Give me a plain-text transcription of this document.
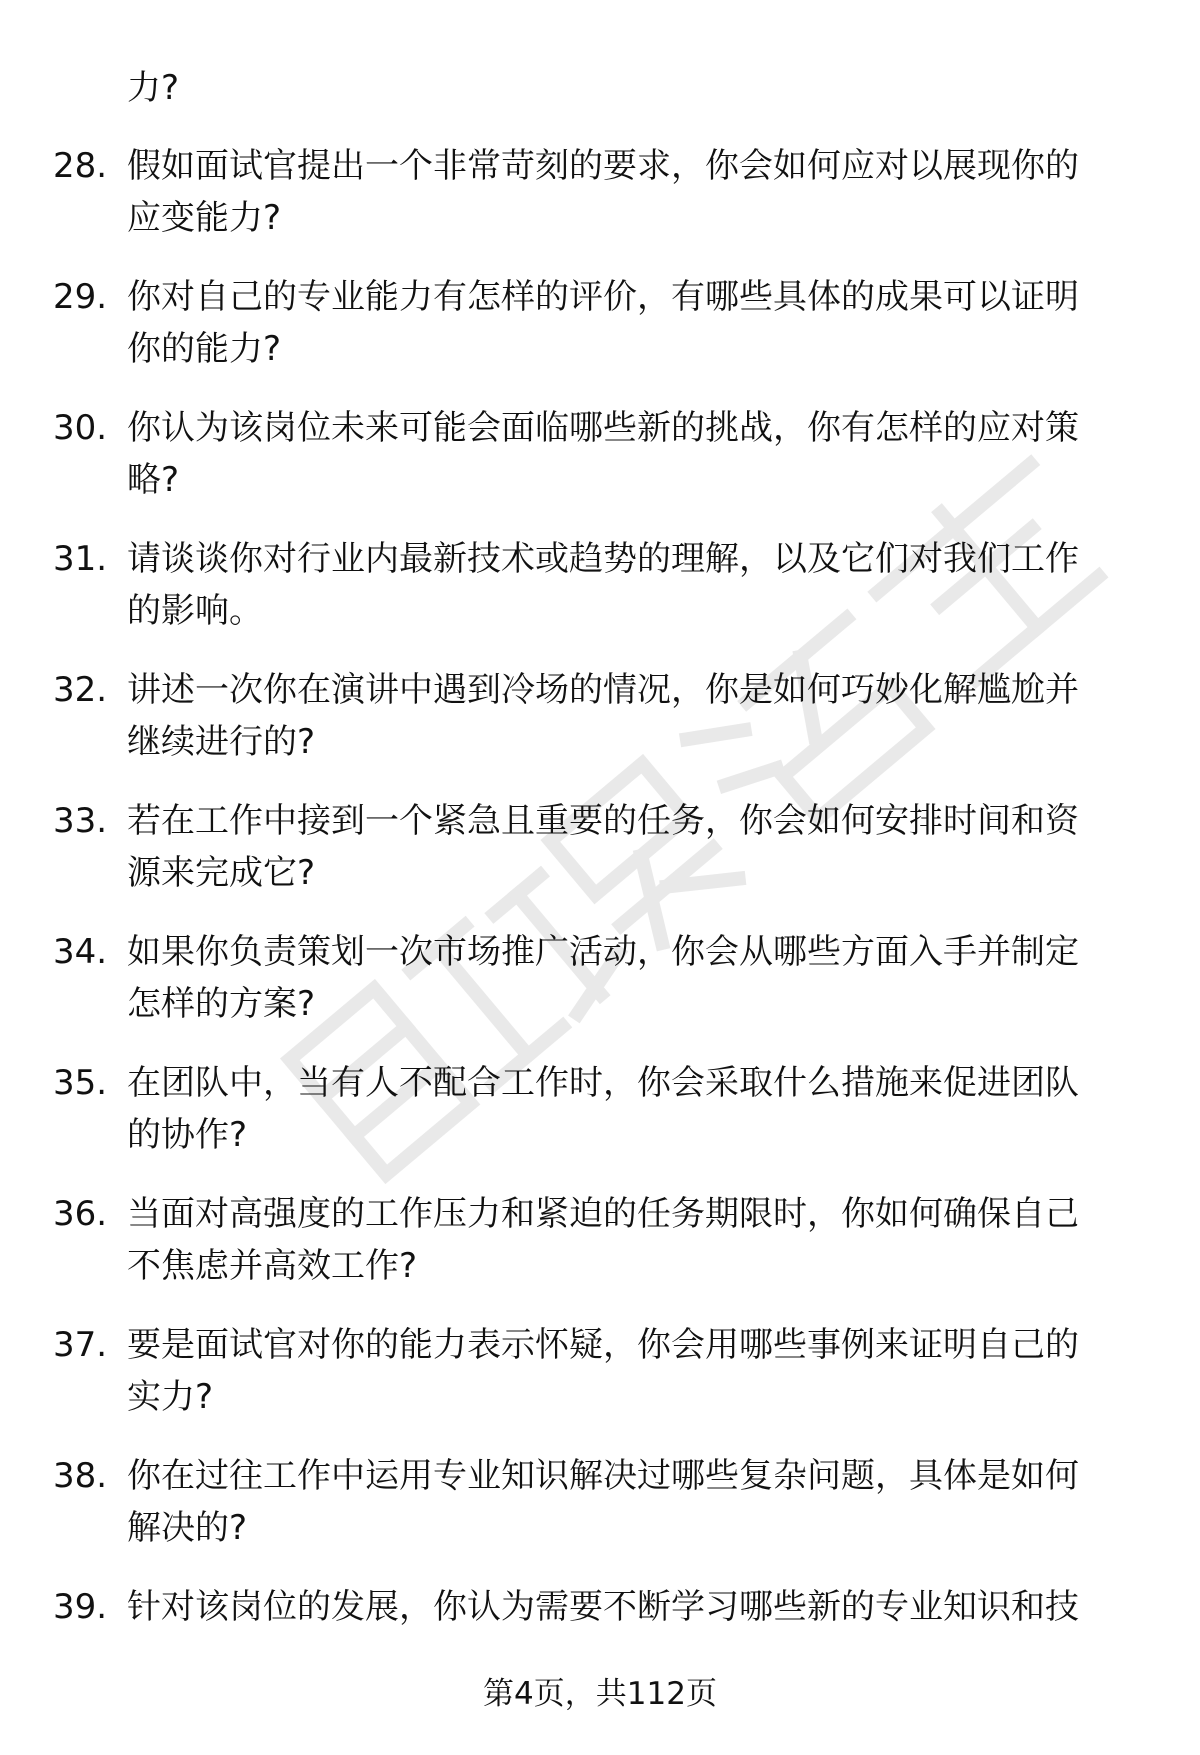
力?
28. 假如面试官提出一个非常苛刻的要求，你会如何应对以展现你的
应变能力?
29. 你对自己的专业能力有怎样的评价，有哪些具体的成果可以证明
你的能力?
30. 你认为该岗位未来可能会面临哪些新的挑战，你有怎样的应对策
略?
31. 请谈谈你对行业内最新技术或趋势的理解，以及它们对我们工作
的影响。
32. 讲述一次你在演讲中遇到冷场的情况，你是如何巧妙化解尴尬并
继续进行的?
33. 若在工作中接到一个紧急且重要的任务，你会如何安排时间和资
源来完成它?
34. 如果你负责策划一次市场推广活动，你会从哪些方面入手并制定
怎样的方案?
35. 在团队中，当有人不配合工作时，你会采取什么措施来促进团队
的协作?
36. 当面对高强度的工作压力和紧迫的任务期限时，你如何确保自己
不焦虑并高效工作?
37. 要是面试官对你的能力表示怀疑，你会用哪些事例来证明自己的
实力?
38. 你在过往工作中运用专业知识解决过哪些复杂问题，具体是如何
解决的?
39. 针对该岗位的发展，你认为需要不断学习哪些新的专业知识和技
第4页，共112页
